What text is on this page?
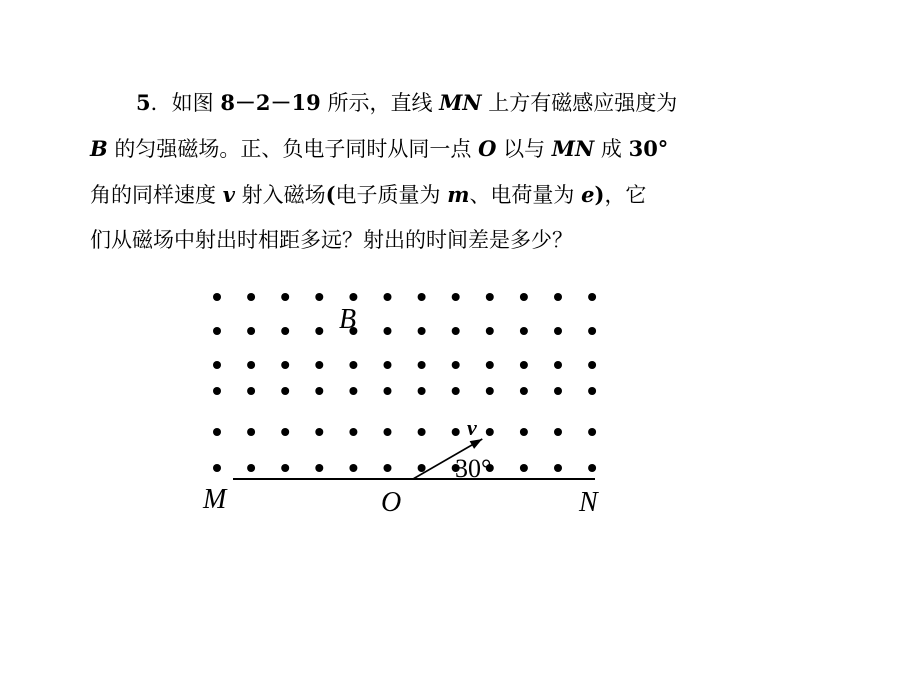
5．如图 8－2－19 所示，直线 MN 上方有磁感应强度为
B 的匀强磁场。正、负电子同时从同一点 O 以与 MN 成 30°
角的同样速度 v 射入磁场(电子质量为 m、电荷量为 e)，它
们从磁场中射出时相距多远？射出的时间差是多少？
B
v
30°
M	O	N
